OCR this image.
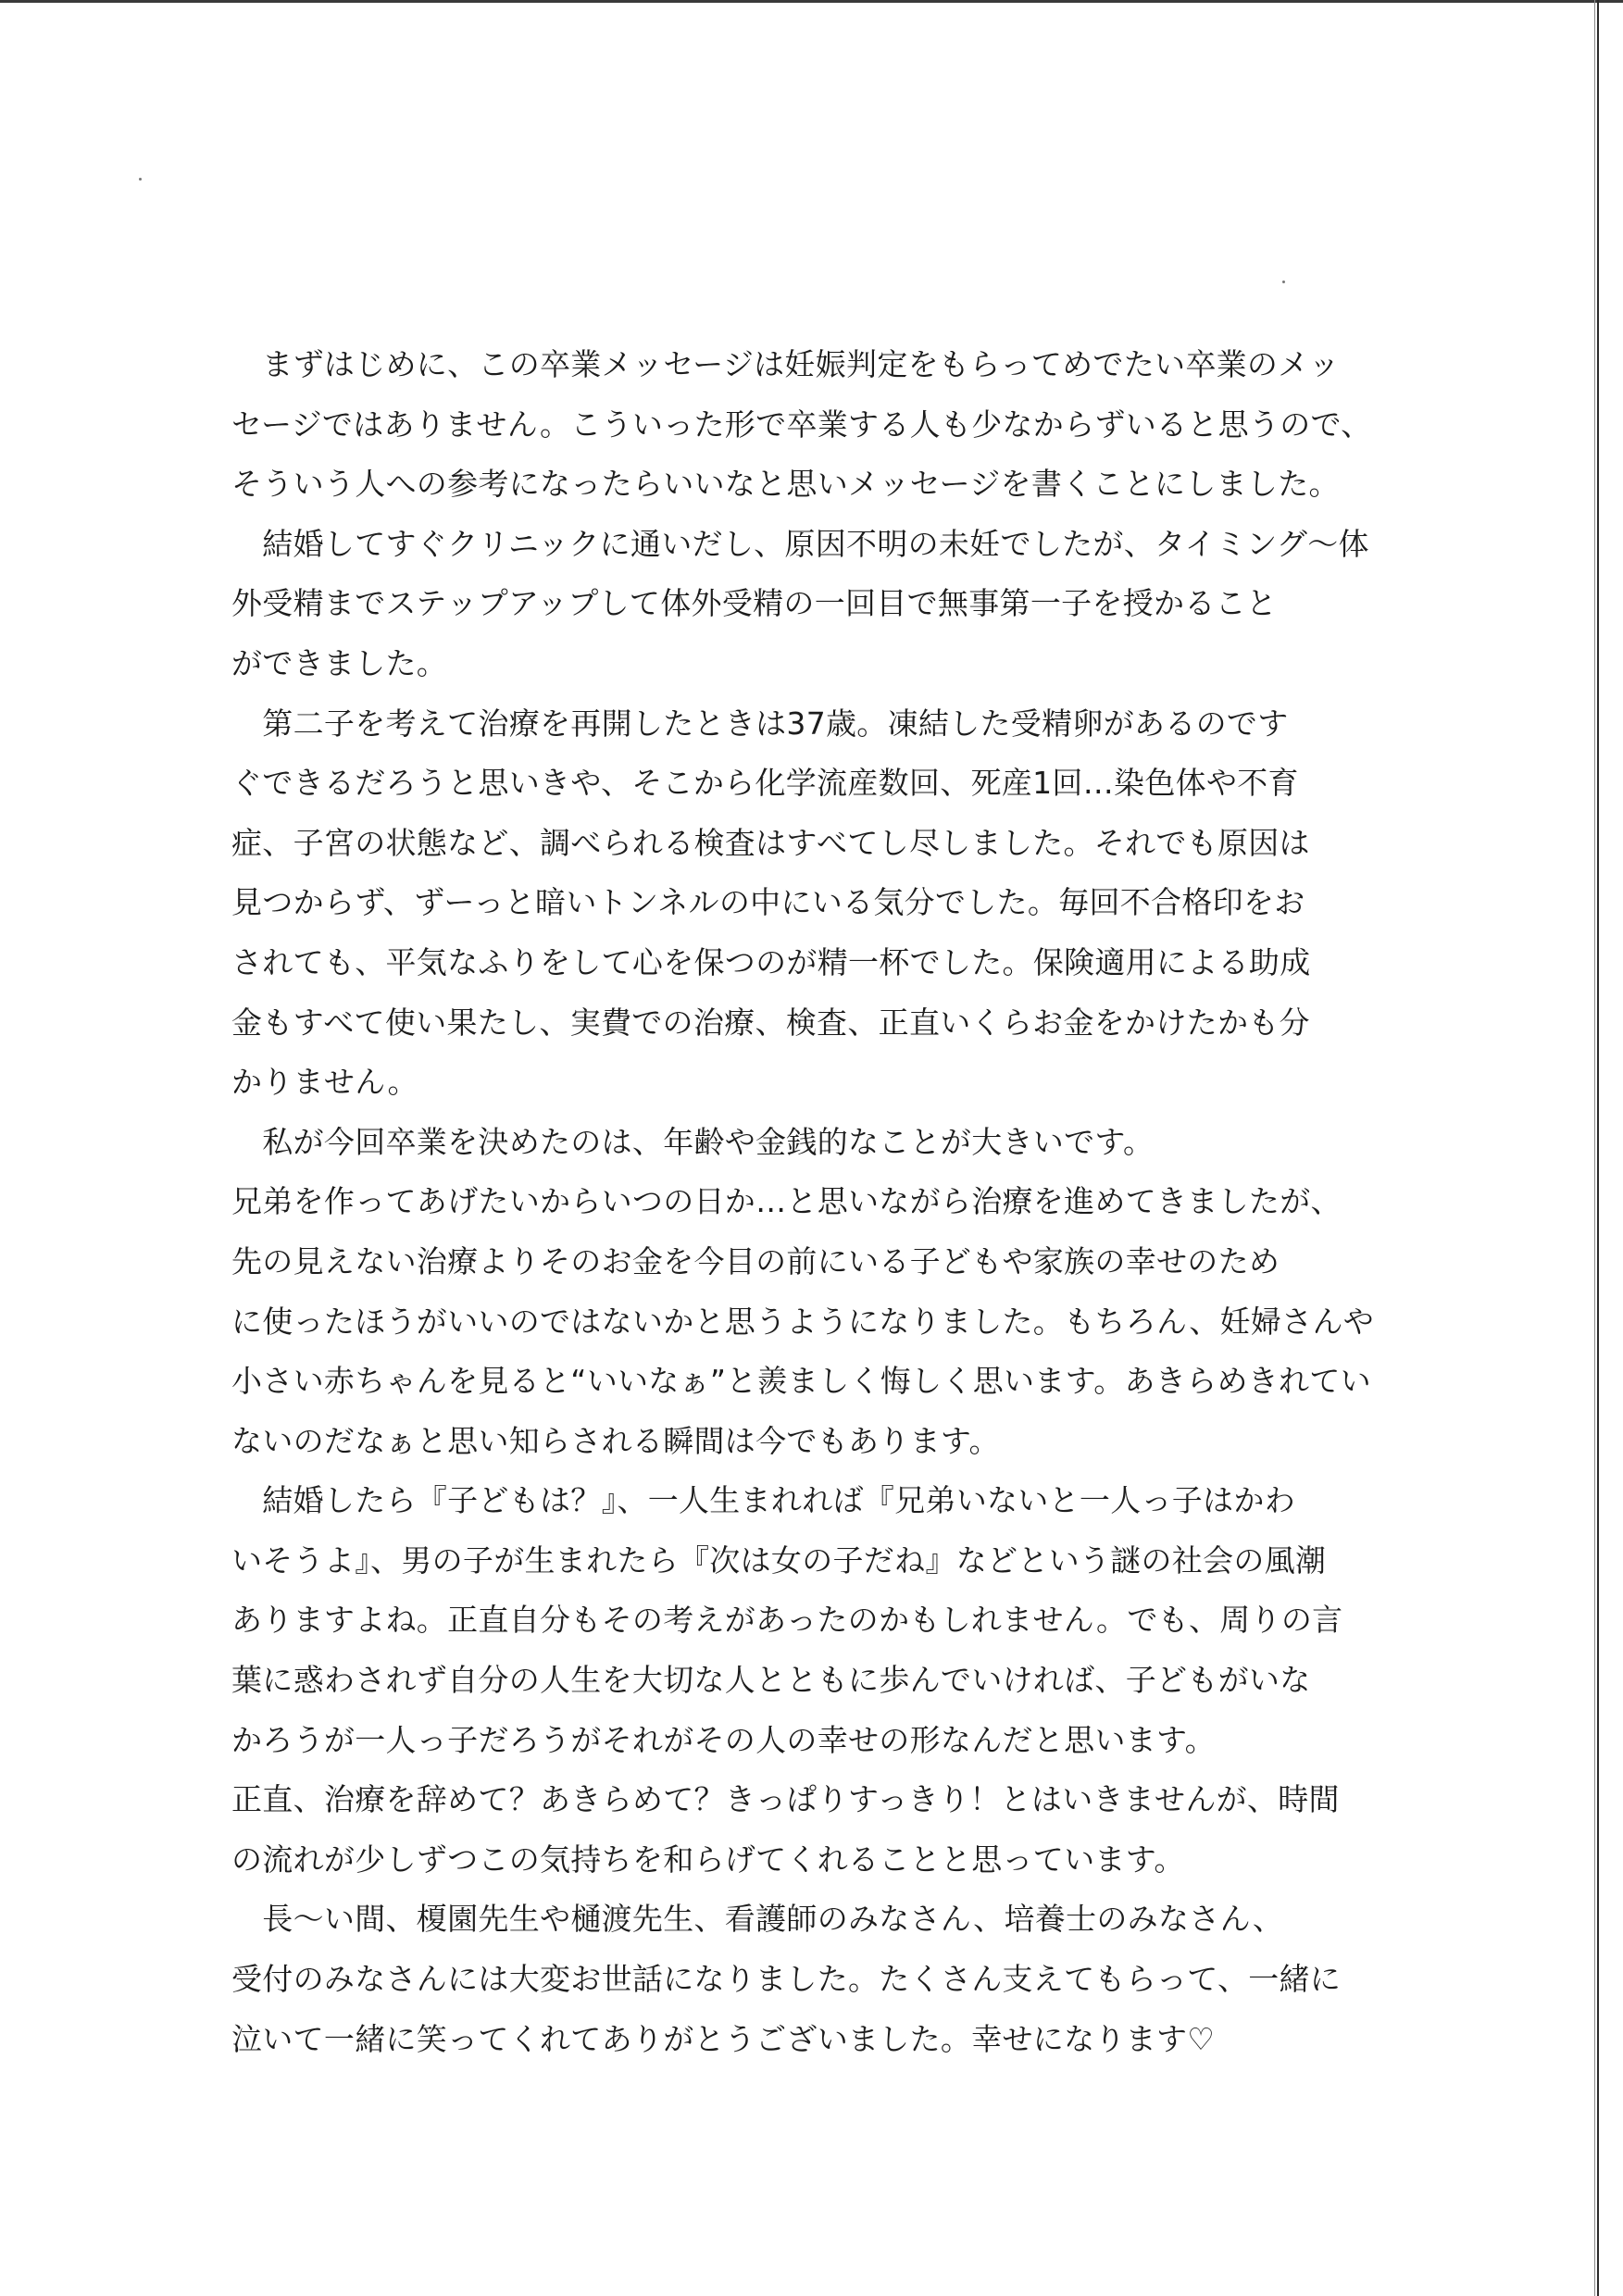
　まずはじめに、この卒業メッセージは妊娠判定をもらってめでたい卒業のメッ
セージではありません。こういった形で卒業する人も少なからずいると思うので、
そういう人への参考になったらいいなと思いメッセージを書くことにしました。
　結婚してすぐクリニックに通いだし、原因不明の未妊でしたが、タイミング～体
外受精までステップアップして体外受精の一回目で無事第一子を授かること
ができました。
　第二子を考えて治療を再開したときは37歳。凍結した受精卵があるのです
ぐできるだろうと思いきや、そこから化学流産数回、死産1回…染色体や不育
症、子宮の状態など、調べられる検査はすべてし尽しました。それでも原因は
見つからず、ずーっと暗いトンネルの中にいる気分でした。毎回不合格印をお
されても、平気なふりをして心を保つのが精一杯でした。保険適用による助成
金もすべて使い果たし、実費での治療、検査、正直いくらお金をかけたかも分
かりません。
　私が今回卒業を決めたのは、年齢や金銭的なことが大きいです。
兄弟を作ってあげたいからいつの日か…と思いながら治療を進めてきましたが、
先の見えない治療よりそのお金を今目の前にいる子どもや家族の幸せのため
に使ったほうがいいのではないかと思うようになりました。もちろん、妊婦さんや
小さい赤ちゃんを見ると“いいなぁ”と羨ましく悔しく思います。あきらめきれてい
ないのだなぁと思い知らされる瞬間は今でもあります。
　結婚したら『子どもは？』、一人生まれれば『兄弟いないと一人っ子はかわ
いそうよ』、男の子が生まれたら『次は女の子だね』などという謎の社会の風潮
ありますよね。正直自分もその考えがあったのかもしれません。でも、周りの言
葉に惑わされず自分の人生を大切な人とともに歩んでいければ、子どもがいな
かろうが一人っ子だろうがそれがその人の幸せの形なんだと思います。
正直、治療を辞めて？あきらめて？きっぱりすっきり！とはいきませんが、時間
の流れが少しずつこの気持ちを和らげてくれることと思っています。
　長～い間、榎園先生や樋渡先生、看護師のみなさん、培養士のみなさん、
受付のみなさんには大変お世話になりました。たくさん支えてもらって、一緒に
泣いて一緒に笑ってくれてありがとうございました。幸せになります♡
